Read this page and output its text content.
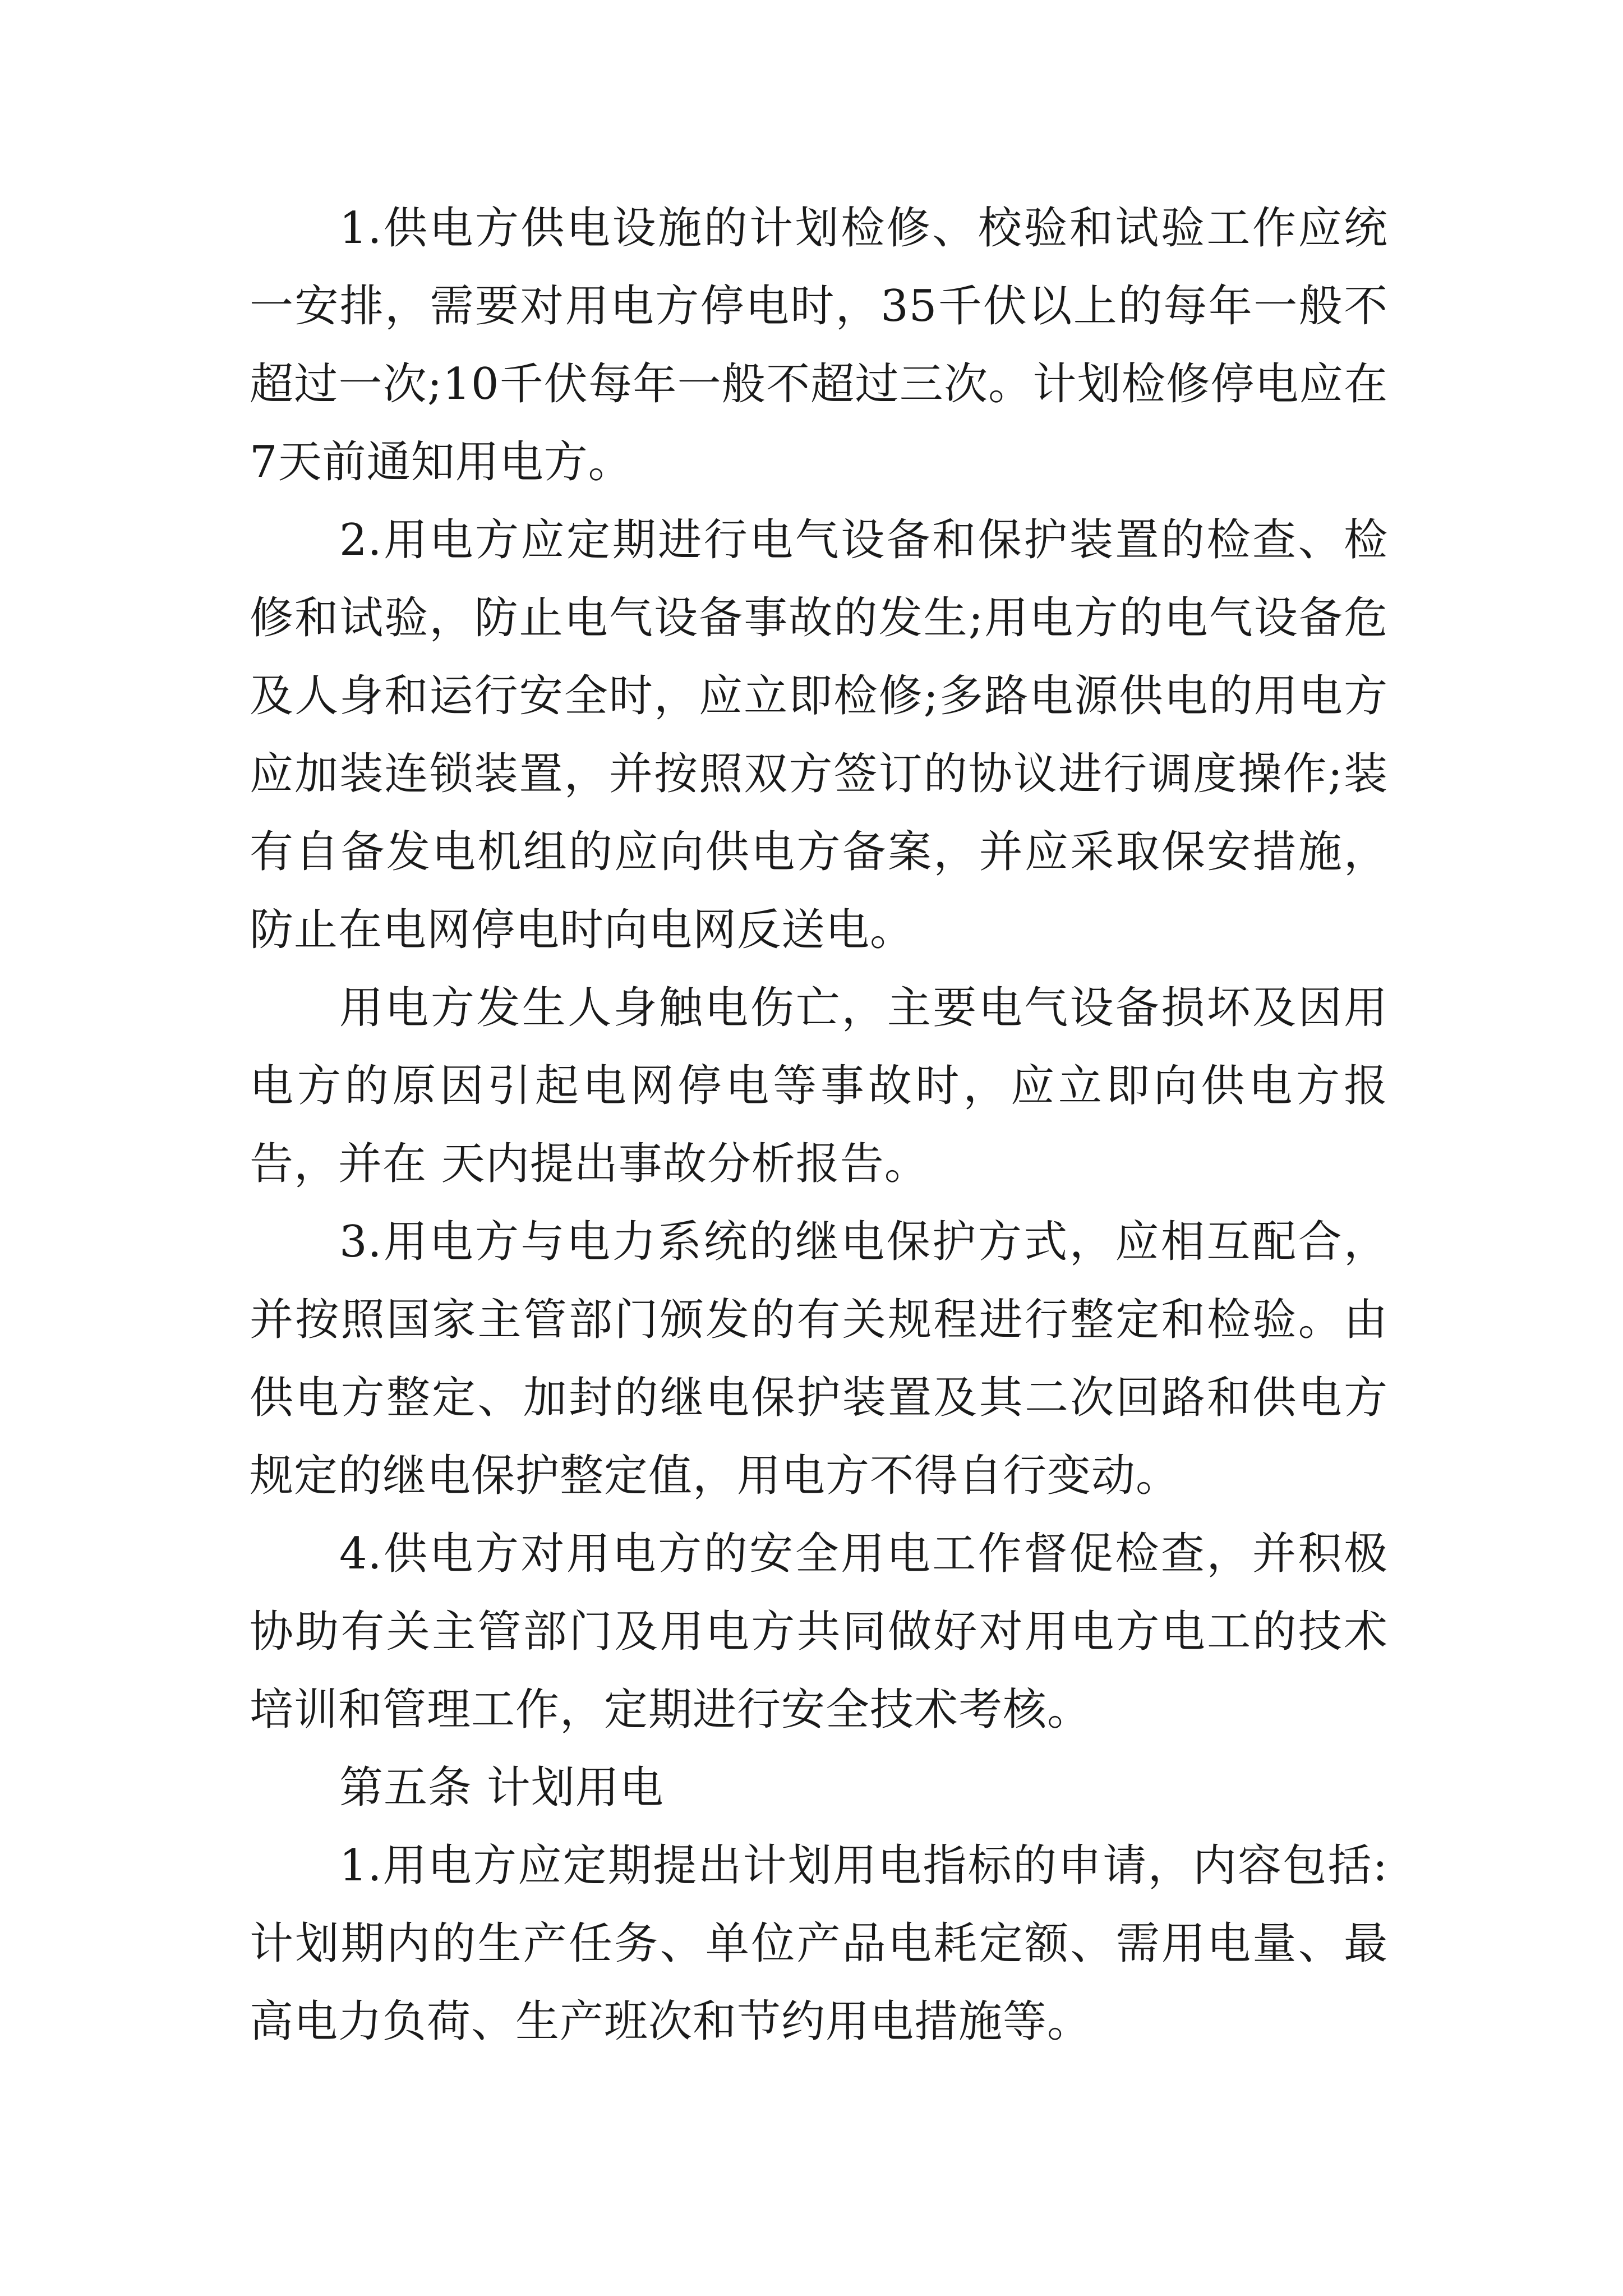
1.供电方供电设施的计划检修、校验和试验工作应统一安排，需要对用电方停电时，35千伏以上的每年一般不超过一次;10千伏每年一般不超过三次。计划检修停电应在7天前通知用电方。

2.用电方应定期进行电气设备和保护装置的检查、检修和试验，防止电气设备事故的发生;用电方的电气设备危及人身和运行安全时，应立即检修;多路电源供电的用电方应加装连锁装置，并按照双方签订的协议进行调度操作;装有自备发电机组的应向供电方备案，并应采取保安措施，防止在电网停电时向电网反送电。

用电方发生人身触电伤亡，主要电气设备损坏及因用电方的原因引起电网停电等事故时，应立即向供电方报告，并在 天内提出事故分析报告。

3.用电方与电力系统的继电保护方式，应相互配合，并按照国家主管部门颁发的有关规程进行整定和检验。由供电方整定、加封的继电保护装置及其二次回路和供电方规定的继电保护整定值，用电方不得自行变动。

4.供电方对用电方的安全用电工作督促检查，并积极协助有关主管部门及用电方共同做好对用电方电工的技术培训和管理工作，定期进行安全技术考核。

第五条 计划用电

1.用电方应定期提出计划用电指标的申请，内容包括:计划期内的生产任务、单位产品电耗定额、需用电量、最高电力负荷、生产班次和节约用电措施等。
